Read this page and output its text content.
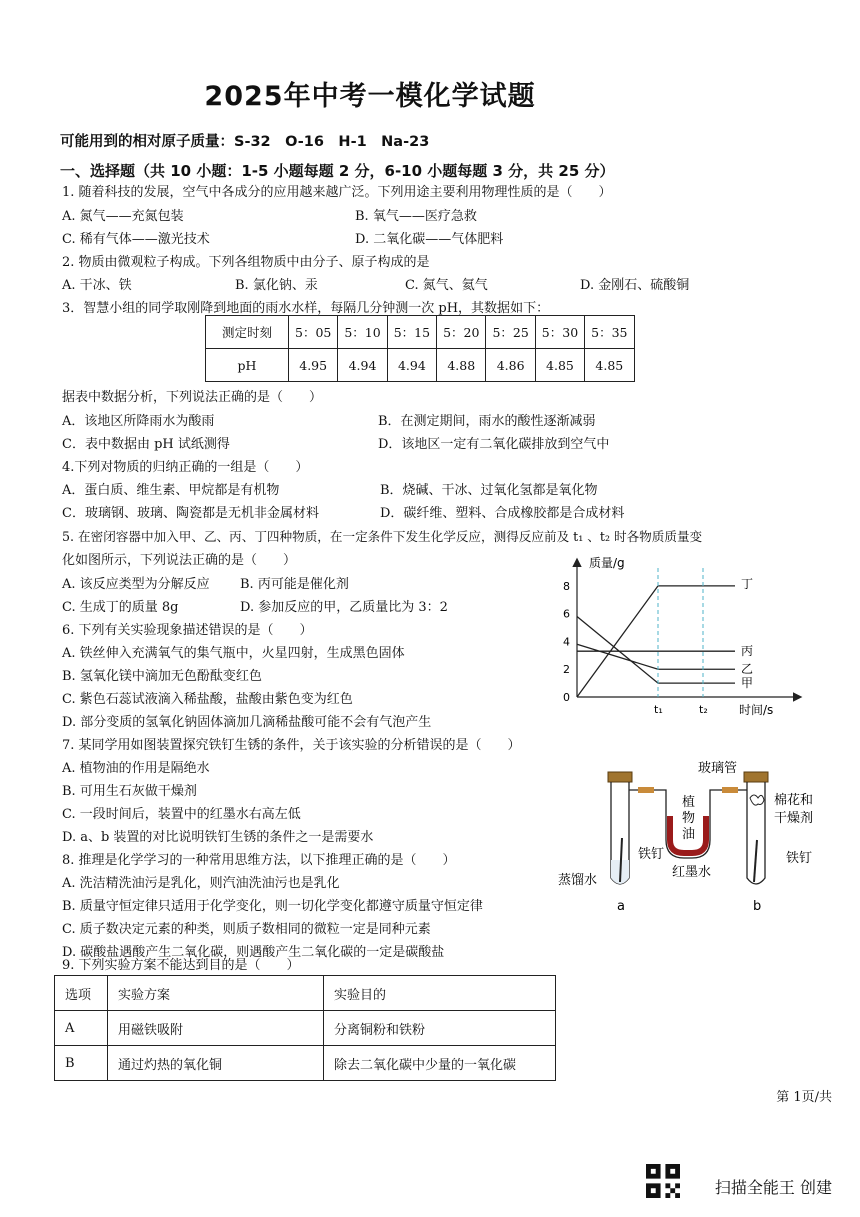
2025年中考一模化学试题
可能用到的相对原子质量：S-32　O-16　H-1　Na-23
一、选择题（共 10 小题：1-5 小题每题 2 分，6-10 小题每题 3 分，共 25 分）
1. 随着科技的发展，空气中各成分的应用越来越广泛。下列用途主要利用物理性质的是（　　）
A. 氮气——充氮包装	B. 氧气——医疗急救
C. 稀有气体——激光技术	D. 二氧化碳——气体肥料
2. 物质由微观粒子构成。下列各组物质中由分子、原子构成的是
A. 干冰、铁	B. 氯化钠、汞	C. 氮气、氦气	D. 金刚石、硫酸铜
3．智慧小组的同学取刚降到地面的雨水水样，每隔几分钟测一次 pH，其数据如下：
测定时刻	5：05	5：10	5：15	5：20	5：25	5：30	5：35
pH	4.95	4.94	4.94	4.88	4.86	4.85	4.85
据表中数据分析，下列说法正确的是（　　）
A．该地区所降雨水为酸雨	B．在测定期间，雨水的酸性逐渐减弱
C．表中数据由 pH 试纸测得	D．该地区一定有二氧化碳排放到空气中
4.下列对物质的归纳正确的一组是（　　）
A．蛋白质、维生素、甲烷都是有机物	B．烧碱、干冰、过氧化氢都是氧化物
C．玻璃钢、玻璃、陶瓷都是无机非金属材料	D．碳纤维、塑料、合成橡胶都是合成材料
5. 在密闭容器中加入甲、乙、丙、丁四种物质，在一定条件下发生化学反应，测得反应前及 t₁ 、t₂ 时各物质质量变
化如图所示，下列说法正确的是（　　）
A. 该反应类型为分解反应 B. 丙可能是催化剂
C. 生成丁的质量 8g	D. 参加反应的甲，乙质量比为 3：2
质量/g
时间/s
0
2
4
6
8	丁
丙
乙
甲
t₁	t₂
6. 下列有关实验现象描述错误的是（　　）
A. 铁丝伸入充满氧气的集气瓶中，火星四射，生成黑色固体
B. 氢氧化镁中滴加无色酚酞变红色
C. 紫色石蕊试液滴入稀盐酸，盐酸由紫色变为红色
D. 部分变质的氢氧化钠固体滴加几滴稀盐酸可能不会有气泡产生
7. 某同学用如图装置探究铁钉生锈的条件，关于该实验的分析错误的是（　　）
A. 植物油的作用是隔绝水
B. 可用生石灰做干燥剂
C. 一段时间后，装置中的红墨水右高左低
D. a、b 装置的对比说明铁钉生锈的条件之一是需要水
玻璃管
植
物
油
棉花和
干燥剂
铁钉	铁钉
蒸馏水
红墨水
a	b
8. 推理是化学学习的一种常用思维方法，以下推理正确的是（　　）
A. 洗洁精洗油污是乳化，则汽油洗油污也是乳化
B. 质量守恒定律只适用于化学变化，则一切化学变化都遵守质量守恒定律
C. 质子数决定元素的种类，则质子数相同的微粒一定是同种元素
D. 碳酸盐遇酸产生二氧化碳，则遇酸产生二氧化碳的一定是碳酸盐
9. 下列实验方案不能达到目的是（　　）
选项	实验方案	实验目的
A	用磁铁吸附	分离铜粉和铁粉
B	通过灼热的氧化铜	除去二氧化碳中少量的一氧化碳
第 1页/共
扫描全能王 创建
